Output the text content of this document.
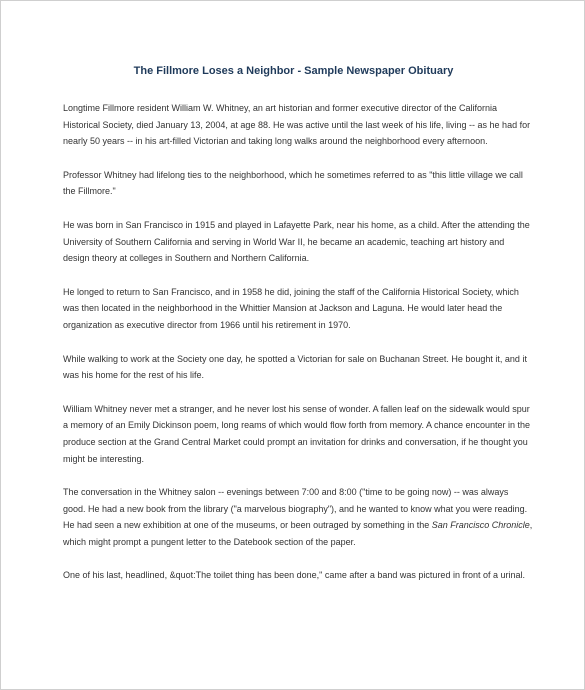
The Fillmore Loses a Neighbor - Sample Newspaper Obituary

Longtime Fillmore resident William W. Whitney, an art historian and former executive director of the California Historical Society, died January 13, 2004, at age 88. He was active until the last week of his life, living -- as he had for nearly 50 years -- in his art-filled Victorian and taking long walks around the neighborhood every afternoon.

Professor Whitney had lifelong ties to the neighborhood, which he sometimes referred to as "this little village we call the Fillmore."

He was born in San Francisco in 1915 and played in Lafayette Park, near his home, as a child. After the attending the University of Southern California and serving in World War II, he became an academic, teaching art history and design theory at colleges in Southern and Northern California.

He longed to return to San Francisco, and in 1958 he did, joining the staff of the California Historical Society, which was then located in the neighborhood in the Whittier Mansion at Jackson and Laguna. He would later head the organization as executive director from 1966 until his retirement in 1970.

While walking to work at the Society one day, he spotted a Victorian for sale on Buchanan Street. He bought it, and it was his home for the rest of his life.

William Whitney never met a stranger, and he never lost his sense of wonder. A fallen leaf on the sidewalk would spur a memory of an Emily Dickinson poem, long reams of which would flow forth from memory. A chance encounter in the produce section at the Grand Central Market could prompt an invitation for drinks and conversation, if he thought you might be interesting.

The conversation in the Whitney salon -- evenings between 7:00 and 8:00 ("time to be going now) -- was always good. He had a new book from the library ("a marvelous biography"), and he wanted to know what you were reading. He had seen a new exhibition at one of the museums, or been outraged by something in the San Francisco Chronicle, which might prompt a pungent letter to the Datebook section of the paper.

One of his last, headlined, &quot:The toilet thing has been done," came after a band was pictured in front of a urinal.
